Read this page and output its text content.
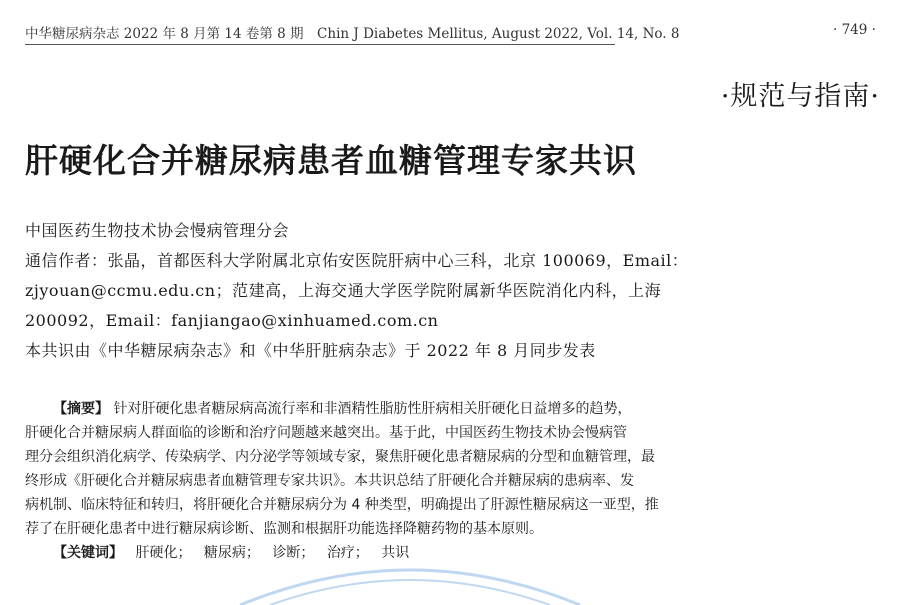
中华糖尿病杂志 2022 年 8 月第 14 卷第 8 期　Chin J Diabetes Mellitus, August 2022, Vol. 14, No. 8	· 749 ·
·规范与指南·
肝硬化合并糖尿病患者血糖管理专家共识
中国医药生物技术协会慢病管理分会
通信作者：张晶，首都医科大学附属北京佑安医院肝病中心三科，北京 100069，Email：
zjyouan@ccmu.edu.cn；范建高，上海交通大学医学院附属新华医院消化内科，上海
200092，Email：fanjiangao@xinhuamed.com.cn
本共识由《中华糖尿病杂志》和《中华肝脏病杂志》于 2022 年 8 月同步发表
【摘要】 针对肝硬化患者糖尿病高流行率和非酒精性脂肪性肝病相关肝硬化日益增多的趋势，
肝硬化合并糖尿病人群面临的诊断和治疗问题越来越突出。基于此，中国医药生物技术协会慢病管
理分会组织消化病学、传染病学、内分泌学等领域专家，聚焦肝硬化患者糖尿病的分型和血糖管理，最
终形成《肝硬化合并糖尿病患者血糖管理专家共识》。本共识总结了肝硬化合并糖尿病的患病率、发
病机制、临床特征和转归，将肝硬化合并糖尿病分为 4 种类型，明确提出了肝源性糖尿病这一亚型，推
荐了在肝硬化患者中进行糖尿病诊断、监测和根据肝功能选择降糖药物的基本原则。
【关键词】 肝硬化； 糖尿病； 诊断； 治疗； 共识
